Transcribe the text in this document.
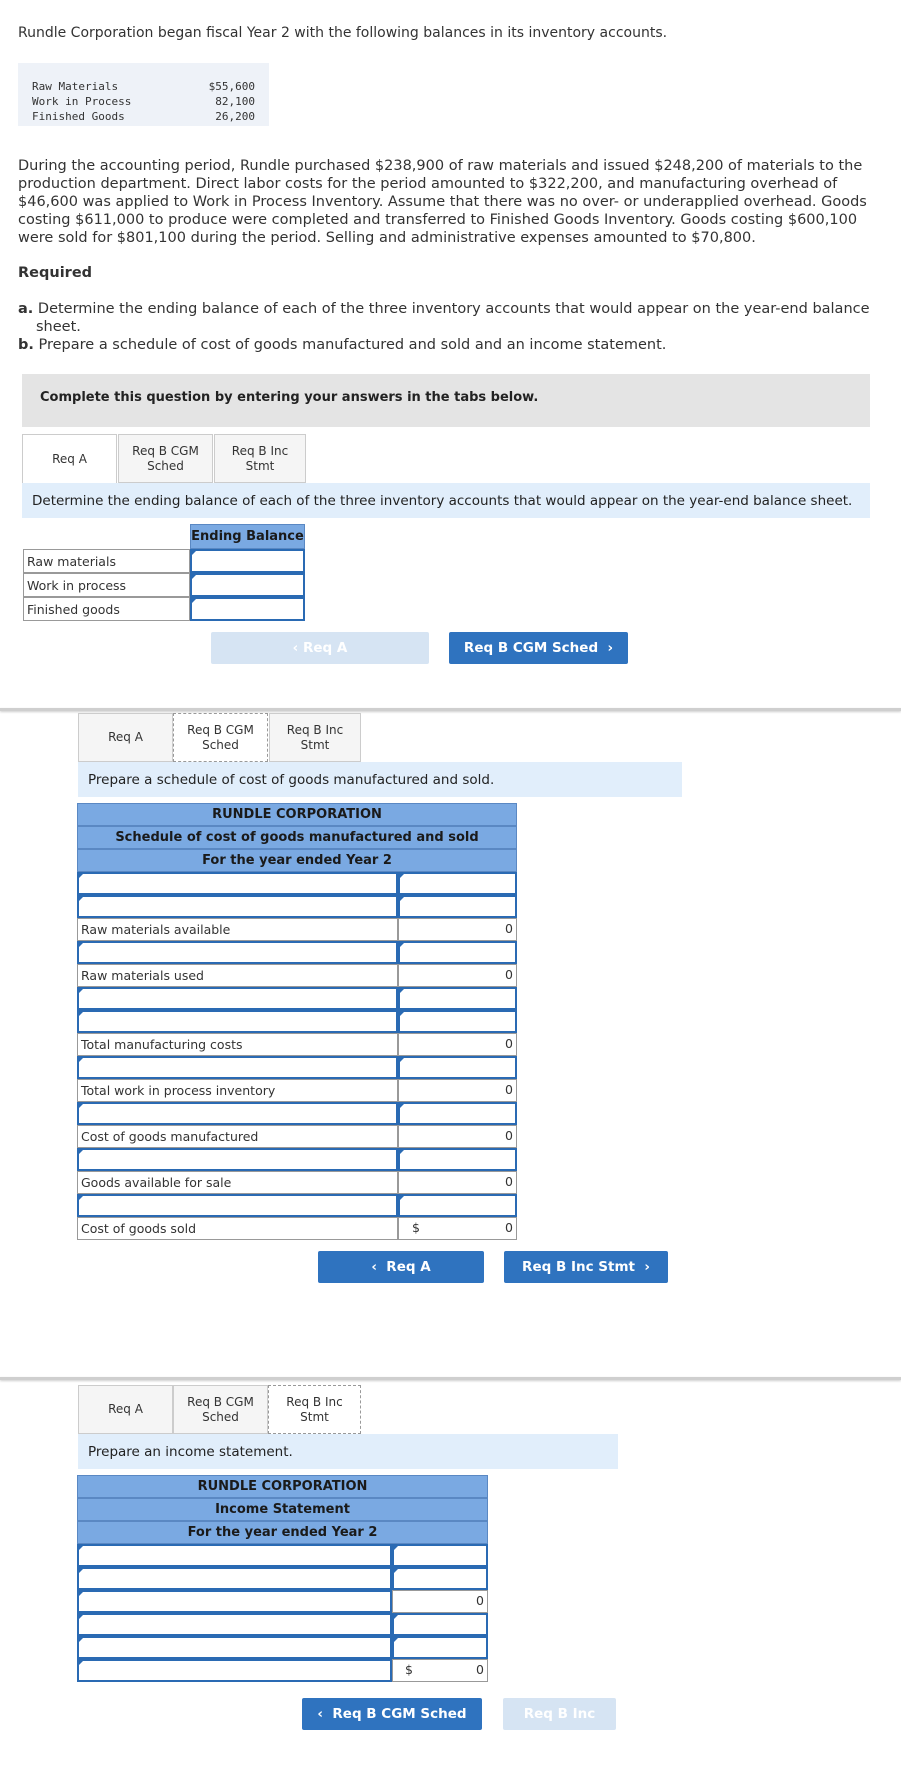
Rundle Corporation began fiscal Year 2 with the following balances in its inventory accounts.
Raw Materials	$55,600
Work in Process	82,100
Finished Goods	26,200
During the accounting period, Rundle purchased $238,900 of raw materials and issued $248,200 of materials to the production department. Direct labor costs for the period amounted to $322,200, and manufacturing overhead of $46,600 was applied to Work in Process Inventory. Assume that there was no over- or underapplied overhead. Goods costing $611,000 to produce were completed and transferred to Finished Goods Inventory. Goods costing $600,100 were sold for $801,100 during the period. Selling and administrative expenses amounted to $70,800.
Required
a. Determine the ending balance of each of the three inventory accounts that would appear on the year-end balance sheet.
b. Prepare a schedule of cost of goods manufactured and sold and an income statement.
Complete this question by entering your answers in the tabs below.
Req A
Req B CGM
Sched
Req B Inc
Stmt
Determine the ending balance of each of the three inventory accounts that would appear on the year-end balance sheet.
Ending Balance
Raw materials
Work in process
Finished goods
‹ Req A	Req B CGM Sched ›
Req A
Req B CGM
Sched
Req B Inc
Stmt
Prepare a schedule of cost of goods manufactured and sold.
RUNDLE CORPORATION
Schedule of cost of goods manufactured and sold
For the year ended Year 2
Raw materials available	0
Raw materials used	0
Total manufacturing costs	0
Total work in process inventory	0
Cost of goods manufactured	0
Goods available for sale	0
Cost of goods sold	$	0
‹ Req A	Req B Inc Stmt ›
Req A
Req B CGM
Sched
Req B Inc
Stmt
Prepare an income statement.
RUNDLE CORPORATION
Income Statement
For the year ended Year 2
0
$	0
‹ Req B CGM Sched	Req B Inc
